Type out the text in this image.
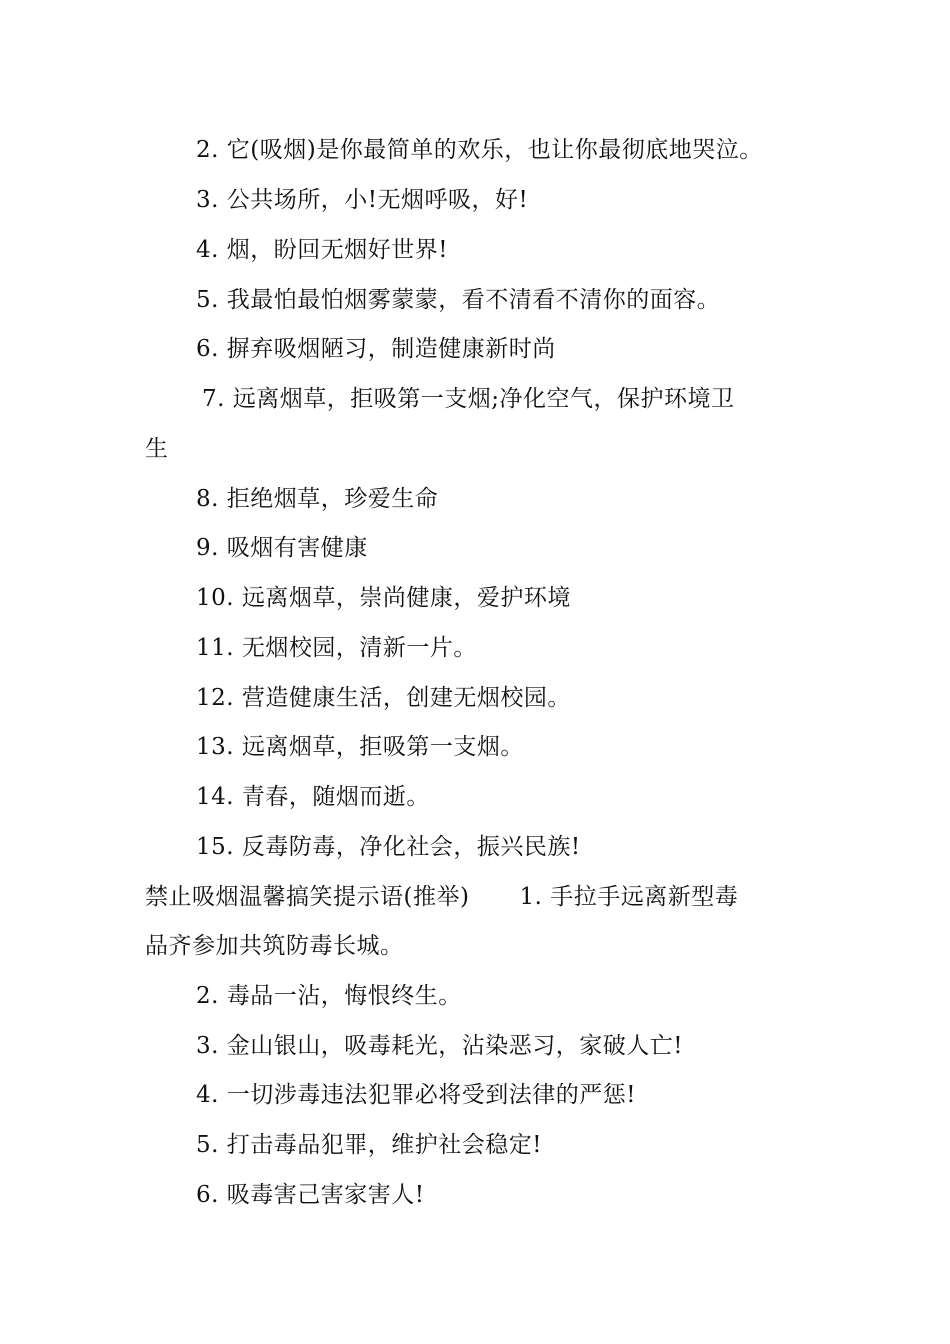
2. 它(吸烟)是你最简单的欢乐，也让你最彻底地哭泣。
3. 公共场所，小!无烟呼吸，好!
4. 烟，盼回无烟好世界!
5. 我最怕最怕烟雾蒙蒙，看不清看不清你的面容。
6. 摒弃吸烟陋习，制造健康新时尚
7. 远离烟草，拒吸第一支烟;净化空气，保护环境卫
生
8. 拒绝烟草，珍爱生命
9. 吸烟有害健康
10. 远离烟草，崇尚健康，爱护环境
11. 无烟校园，清新一片。
12. 营造健康生活，创建无烟校园。
13. 远离烟草，拒吸第一支烟。
14. 青春，随烟而逝。
15. 反毒防毒，净化社会，振兴民族!
禁止吸烟温馨搞笑提示语(推举) 1. 手拉手远离新型毒
品齐参加共筑防毒长城。
2. 毒品一沾，悔恨终生。
3. 金山银山，吸毒耗光，沾染恶习，家破人亡!
4. 一切涉毒违法犯罪必将受到法律的严惩!
5. 打击毒品犯罪，维护社会稳定!
6. 吸毒害己害家害人!
